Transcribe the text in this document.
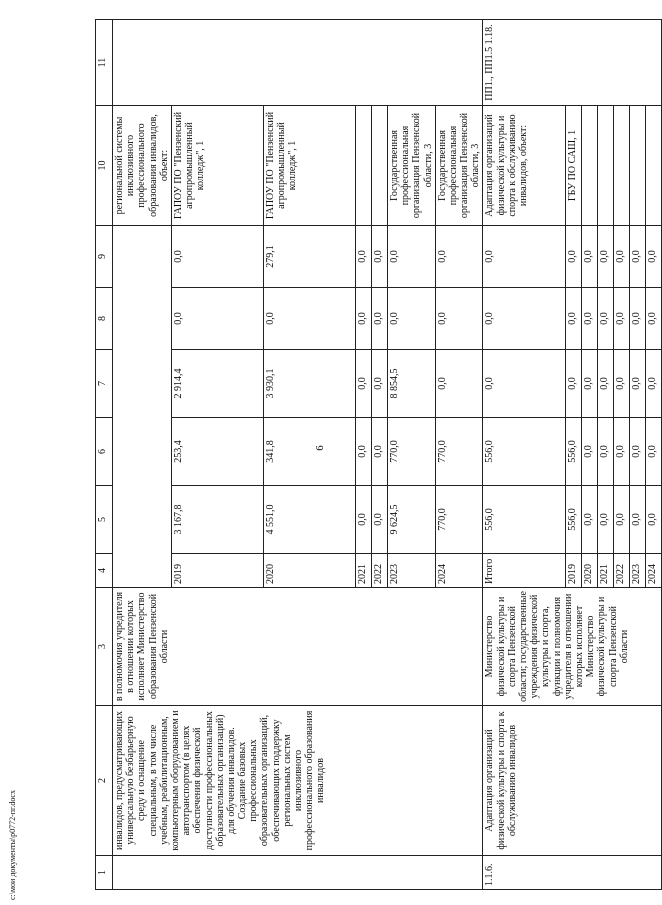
6
1	2	3	4	5	6	7	8	9	10	11
	инвалидов, предусматривающих универсальную безбарьерную среду и оснащение специальным, в том числе учебным, реабилитационным, компьютерным оборудованием и автотранспортом (в целях обеспечения физической доступности профессиональных образовательных организаций) для обучения инвалидов. Создание базовых профессиональных образовательных организаций, обеспечивающих поддержку региональных систем инклюзивного профессионального образования инвалидов	в полномочия учредителя в отношении которых исполняет Министерство образования Пензенской области							региональной системы инклюзивного профессионального образования инвалидов, объект:	
			2019	3 167,8	253,4	2 914,4	0,0	0,0	ГАПОУ ПО "Пензенский агропромышленный колледж", 1	
			2020	4 551,0	341,8	3 930,1	0,0	279,1	ГАПОУ ПО "Пензенский агропромышленный колледж", 1	
			2021	0,0	0,0	0,0	0,0	0,0		
			2022	0,0	0,0	0,0	0,0	0,0		
			2023	9 624,5	770,0	8 854,5	0,0	0,0	Государственная профессиональная организация Пензенской области, 3	
			2024	770,0	770,0	0,0	0,0	0,0	Государственная профессиональная организация Пензенской области, 3	
1.1.6.	Адаптация организаций физической культуры и спорта к обслуживанию инвалидов	Министерство физической культуры и спорта Пензенской области; государственные учреждения физической культуры и спорта, функции и полномочия учредителя в отношении которых исполняет Министерство физической культуры и спорта Пензенской области	Итого	556,0	556,0	0,0	0,0	0,0	Адаптация организаций физической культуры и спорта к обслуживанию инвалидов, объект:	ПП1., ПП1.5 1.18.
			2019	556,0	556,0	0,0	0,0	0,0	ГБУ ПО САШ, 1	
			2020	0,0	0,0	0,0	0,0	0,0		
			2021	0,0	0,0	0,0	0,0	0,0		
			2022	0,0	0,0	0,0	0,0	0,0		
			2023	0,0	0,0	0,0	0,0	0,0		
			2024	0,0	0,0	0,0	0,0	0,0		
c:\мои документы\р0772-пг.docx
